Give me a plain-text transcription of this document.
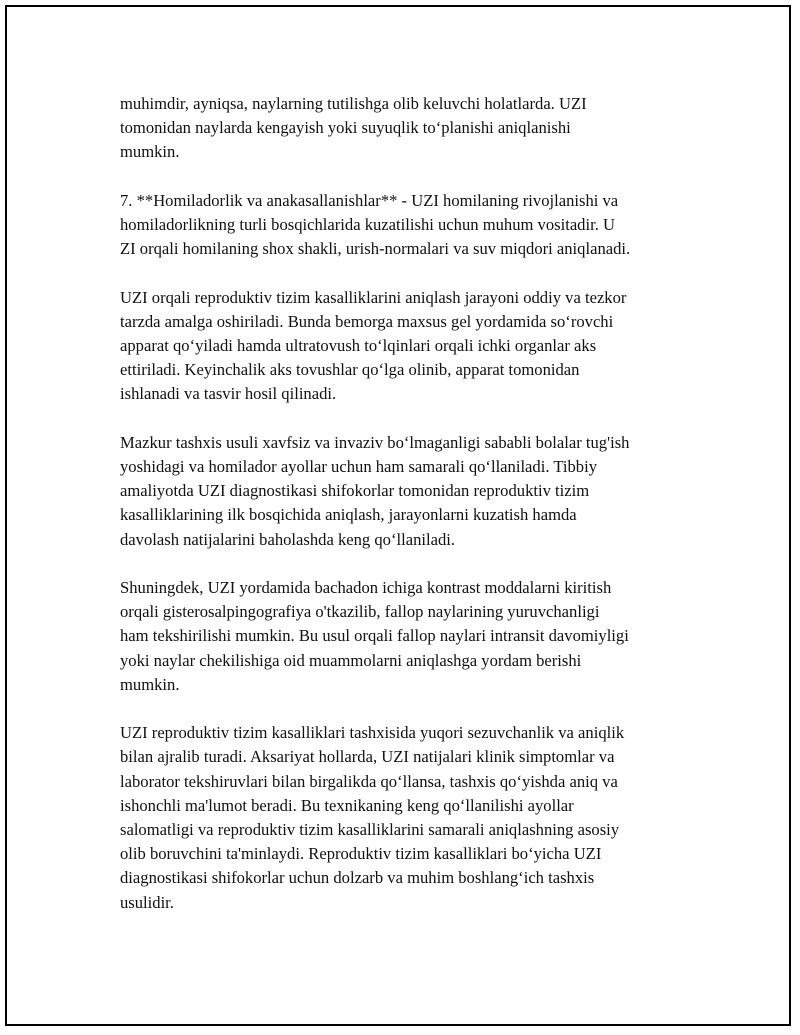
muhimdir, ayniqsa, naylarning tutilishga olib keluvchi holatlarda. UZI
tomonidan naylarda kengayish yoki suyuqlik to‘planishi aniqlanishi
mumkin.

7. **Homiladorlik va anakasallanishlar** - UZI homilaning rivojlanishi va
homiladorlikning turli bosqichlarida kuzatilishi uchun muhum vositadir. U
ZI orqali homilaning shox shakli, urish-normalari va suv miqdori aniqlanadi.

UZI orqali reproduktiv tizim kasalliklarini aniqlash jarayoni oddiy va tezkor
tarzda amalga oshiriladi. Bunda bemorga maxsus gel yordamida so‘rovchi
apparat qo‘yiladi hamda ultratovush to‘lqinlari orqali ichki organlar aks
ettiriladi. Keyinchalik aks tovushlar qo‘lga olinib, apparat tomonidan
ishlanadi va tasvir hosil qilinadi.

Mazkur tashxis usuli xavfsiz va invaziv bo‘lmaganligi sababli bolalar tug'ish
yoshidagi va homilador ayollar uchun ham samarali qo‘llaniladi. Tibbiy
amaliyotda UZI diagnostikasi shifokorlar tomonidan reproduktiv tizim
kasalliklarining ilk bosqichida aniqlash, jarayonlarni kuzatish hamda
davolash natijalarini baholashda keng qo‘llaniladi.

Shuningdek, UZI yordamida bachadon ichiga kontrast moddalarni kiritish
orqali gisterosalpingografiya o'tkazilib, fallop naylarining yuruvchanligi
ham tekshirilishi mumkin. Bu usul orqali fallop naylari intransit davomiyligi
yoki naylar chekilishiga oid muammolarni aniqlashga yordam berishi
mumkin.

UZI reproduktiv tizim kasalliklari tashxisida yuqori sezuvchanlik va aniqlik
bilan ajralib turadi. Aksariyat hollarda, UZI natijalari klinik simptomlar va
laborator tekshiruvlari bilan birgalikda qo‘llansa, tashxis qo‘yishda aniq va
ishonchli ma'lumot beradi. Bu texnikaning keng qo‘llanilishi ayollar
salomatligi va reproduktiv tizim kasalliklarini samarali aniqlashning asosiy
olib boruvchini ta'minlaydi. Reproduktiv tizim kasalliklari bo‘yicha UZI
diagnostikasi shifokorlar uchun dolzarb va muhim boshlang‘ich tashxis
usulidir.
